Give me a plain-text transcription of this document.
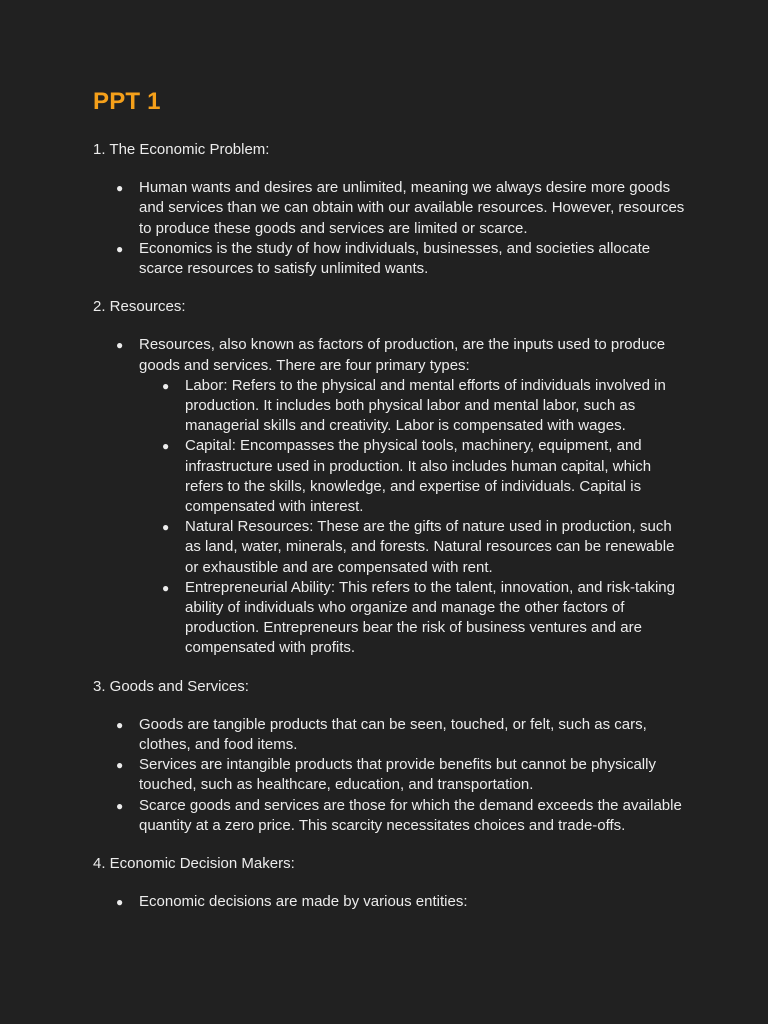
PPT 1

1. The Economic Problem:

● Human wants and desires are unlimited, meaning we always desire more goods and services than we can obtain with our available resources. However, resources to produce these goods and services are limited or scarce.
● Economics is the study of how individuals, businesses, and societies allocate scarce resources to satisfy unlimited wants.

2. Resources:

● Resources, also known as factors of production, are the inputs used to produce goods and services. There are four primary types:
● Labor: Refers to the physical and mental efforts of individuals involved in production. It includes both physical labor and mental labor, such as managerial skills and creativity. Labor is compensated with wages.
● Capital: Encompasses the physical tools, machinery, equipment, and infrastructure used in production. It also includes human capital, which refers to the skills, knowledge, and expertise of individuals. Capital is compensated with interest.
● Natural Resources: These are the gifts of nature used in production, such as land, water, minerals, and forests. Natural resources can be renewable or exhaustible and are compensated with rent.
● Entrepreneurial Ability: This refers to the talent, innovation, and risk-taking ability of individuals who organize and manage the other factors of production. Entrepreneurs bear the risk of business ventures and are compensated with profits.

3. Goods and Services:

● Goods are tangible products that can be seen, touched, or felt, such as cars, clothes, and food items.
● Services are intangible products that provide benefits but cannot be physically touched, such as healthcare, education, and transportation.
● Scarce goods and services are those for which the demand exceeds the available quantity at a zero price. This scarcity necessitates choices and trade-offs.

4. Economic Decision Makers:

● Economic decisions are made by various entities:
